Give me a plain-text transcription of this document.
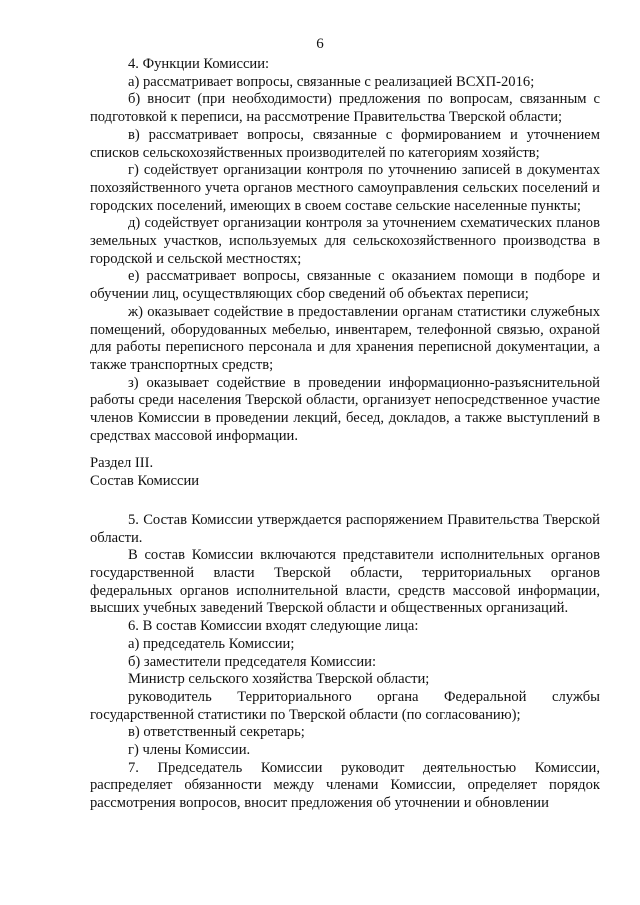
6

4. Функции Комиссии:

а) рассматривает вопросы, связанные с реализацией ВСХП-2016;

б) вносит (при необходимости) предложения по вопросам, связанным с подготовкой к переписи, на рассмотрение Правительства Тверской области;

в) рассматривает вопросы, связанные с формированием и уточнением списков сельскохозяйственных производителей по категориям хозяйств;

г) содействует организации контроля по уточнению записей в документах похозяйственного учета органов местного самоуправления сельских поселений и городских поселений, имеющих в своем составе сельские населенные пункты;

д) содействует организации контроля за уточнением схематических планов земельных участков, используемых для сельскохозяйственного производства в городской и сельской местностях;

е) рассматривает вопросы, связанные с оказанием помощи в подборе и обучении лиц, осуществляющих сбор сведений об объектах переписи;

ж) оказывает содействие в предоставлении органам статистики служебных помещений, оборудованных мебелью, инвентарем, телефонной связью, охраной для работы переписного персонала и для хранения переписной документации, а также транспортных средств;

з) оказывает содействие в проведении информационно-разъяснительной работы среди населения Тверской области, организует непосредственное участие членов Комиссии в проведении лекций, бесед, докладов, а также выступлений в средствах массовой информации.

Раздел III.

Состав Комиссии

5. Состав Комиссии утверждается распоряжением Правительства Тверской области.

В состав Комиссии включаются представители исполнительных органов государственной власти Тверской области, территориальных органов федеральных органов исполнительной власти, средств массовой информации, высших учебных заведений Тверской области и общественных организаций.

6. В состав Комиссии входят следующие лица:

а) председатель Комиссии;

б) заместители председателя Комиссии:

Министр сельского хозяйства Тверской области;

руководитель Территориального органа Федеральной службы государственной статистики по Тверской области (по согласованию);

в) ответственный секретарь;

г) члены Комиссии.

7. Председатель Комиссии руководит деятельностью Комиссии, распределяет обязанности между членами Комиссии, определяет порядок рассмотрения вопросов, вносит предложения об уточнении и обновлении
